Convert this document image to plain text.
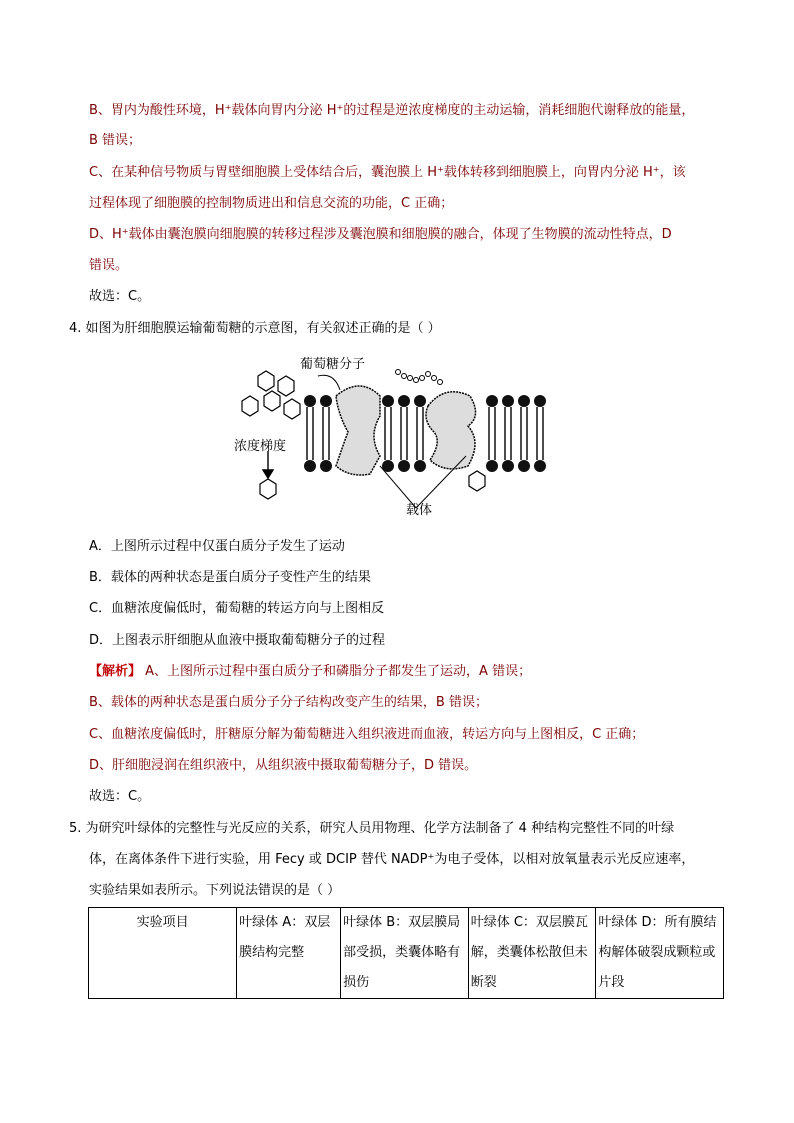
B、胃内为酸性环境，H⁺载体向胃内分泌 H⁺的过程是逆浓度梯度的主动运输，消耗细胞代谢释放的能量，
B 错误；
C、在某种信号物质与胃壁细胞膜上受体结合后，囊泡膜上 H⁺载体转移到细胞膜上，向胃内分泌 H⁺，该
过程体现了细胞膜的控制物质进出和信息交流的功能，C 正确；
D、H⁺载体由囊泡膜向细胞膜的转移过程涉及囊泡膜和细胞膜的融合，体现了生物膜的流动性特点，D
错误。
故选：C。
4. 如图为肝细胞膜运输葡萄糖的示意图，有关叙述正确的是（ ）
葡萄糖分子
浓度梯度
载体
A．上图所示过程中仅蛋白质分子发生了运动
B．载体的两种状态是蛋白质分子变性产生的结果
C．血糖浓度偏低时，葡萄糖的转运方向与上图相反
D．上图表示肝细胞从血液中摄取葡萄糖分子的过程
【解析】 A、上图所示过程中蛋白质分子和磷脂分子都发生了运动，A 错误；
B、载体的两种状态是蛋白质分子分子结构改变产生的结果，B 错误；
C、血糖浓度偏低时，肝糖原分解为葡萄糖进入组织液进而血液，转运方向与上图相反，C 正确；
D、肝细胞浸润在组织液中，从组织液中摄取葡萄糖分子，D 错误。
故选：C。
5. 为研究叶绿体的完整性与光反应的关系，研究人员用物理、化学方法制备了 4 种结构完整性不同的叶绿
体，在离体条件下进行实验，用 Fecy 或 DCIP 替代 NADP⁺为电子受体，以相对放氧量表示光反应速率，
实验结果如表所示。下列说法错误的是（ ）
实验项目	叶绿体 A：双层膜结构完整	叶绿体 B：双层膜局部受损，类囊体略有损伤	叶绿体 C：双层膜瓦解，类囊体松散但未断裂	叶绿体 D：所有膜结构解体破裂成颗粒或片段
